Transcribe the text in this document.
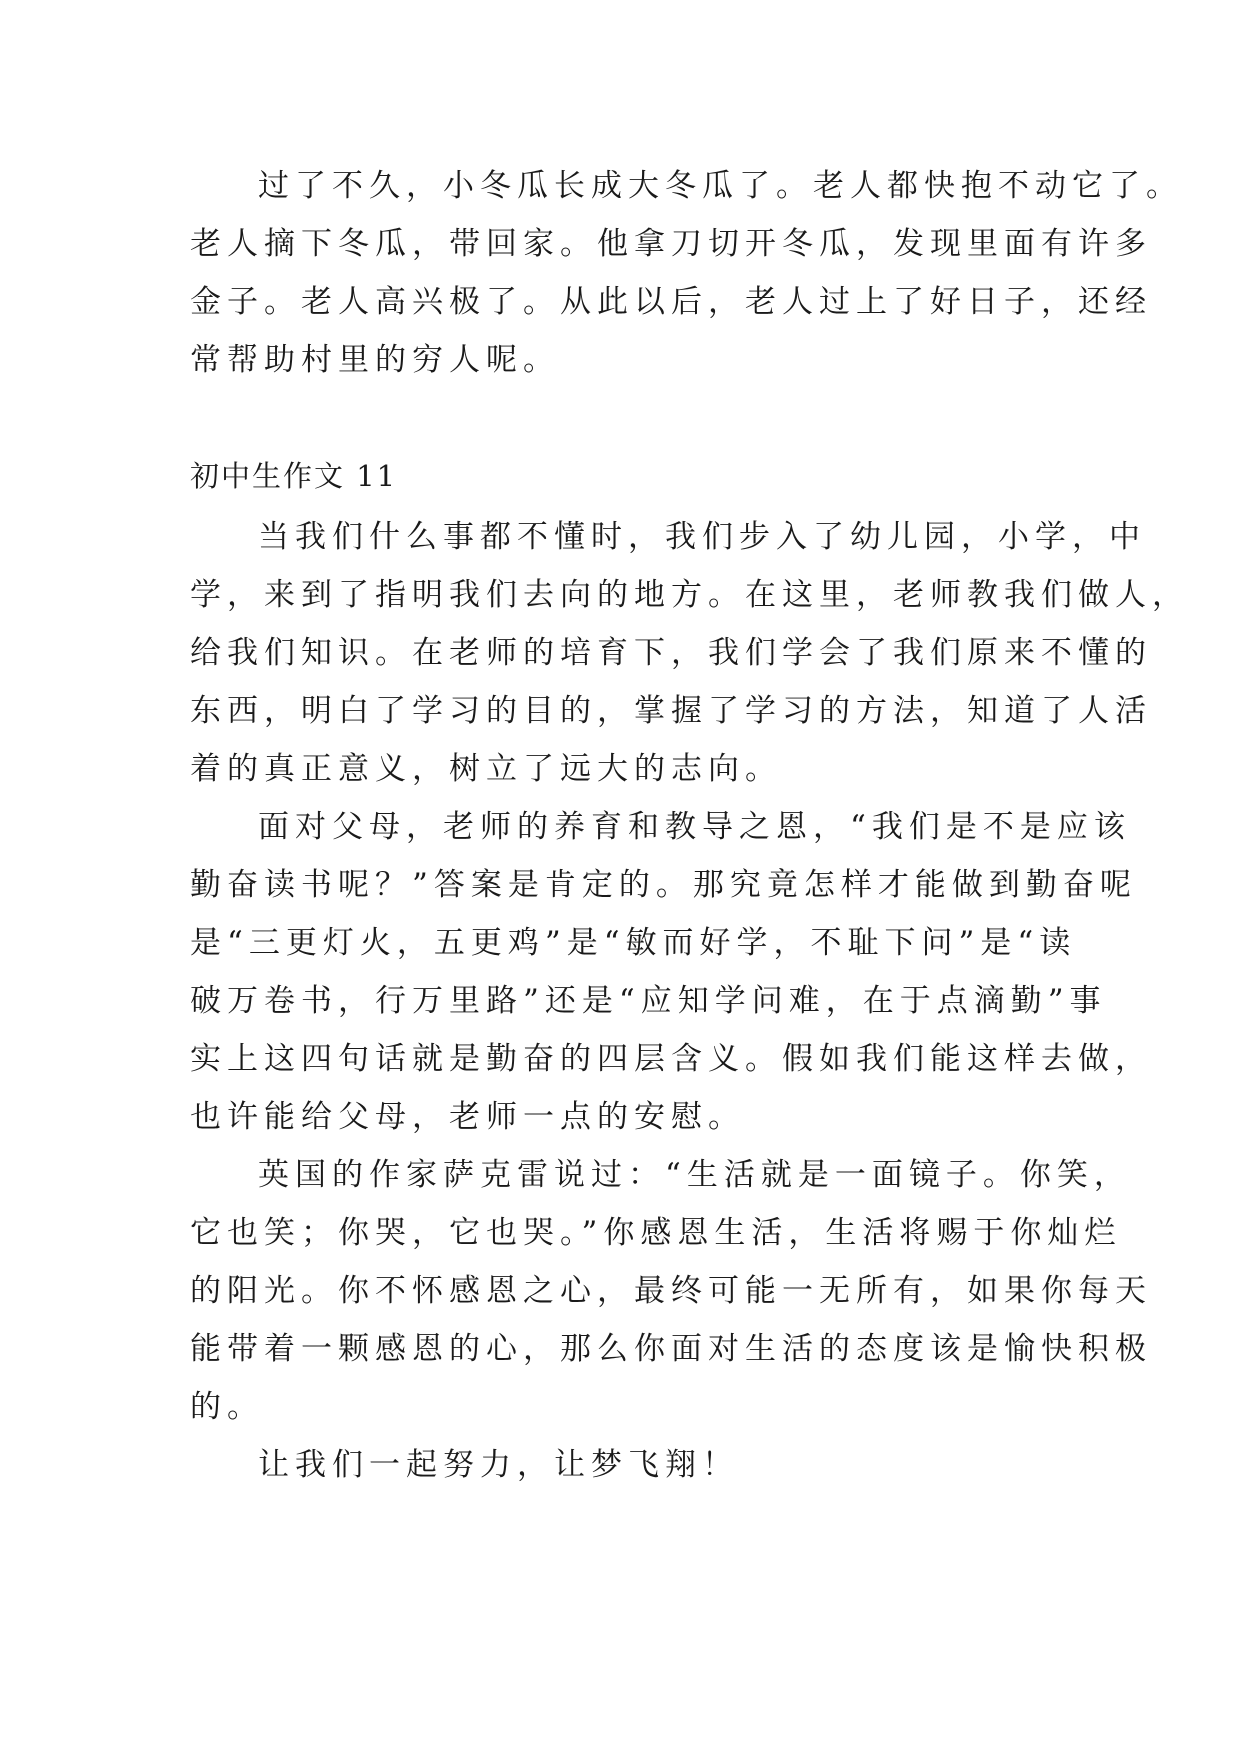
过了不久，小冬瓜长成大冬瓜了。老人都快抱不动它了。
老人摘下冬瓜，带回家。他拿刀切开冬瓜，发现里面有许多
金子。老人高兴极了。从此以后，老人过上了好日子，还经
常帮助村里的穷人呢。
初中生作文 11
当我们什么事都不懂时，我们步入了幼儿园，小学，中
学，来到了指明我们去向的地方。在这里，老师教我们做人，
给我们知识。在老师的培育下，我们学会了我们原来不懂的
东西，明白了学习的目的，掌握了学习的方法，知道了人活
着的真正意义，树立了远大的志向。
面对父母，老师的养育和教导之恩，“我们是不是应该
勤奋读书呢？”答案是肯定的。那究竟怎样才能做到勤奋呢
是“三更灯火，五更鸡”是“敏而好学，不耻下问”是“读
破万卷书，行万里路”还是“应知学问难，在于点滴勤”事
实上这四句话就是勤奋的四层含义。假如我们能这样去做，
也许能给父母，老师一点的安慰。
英国的作家萨克雷说过：“生活就是一面镜子。你笑，
它也笑；你哭，它也哭。”你感恩生活，生活将赐于你灿烂
的阳光。你不怀感恩之心，最终可能一无所有，如果你每天
能带着一颗感恩的心，那么你面对生活的态度该是愉快积极
的。
让我们一起努力，让梦飞翔！
